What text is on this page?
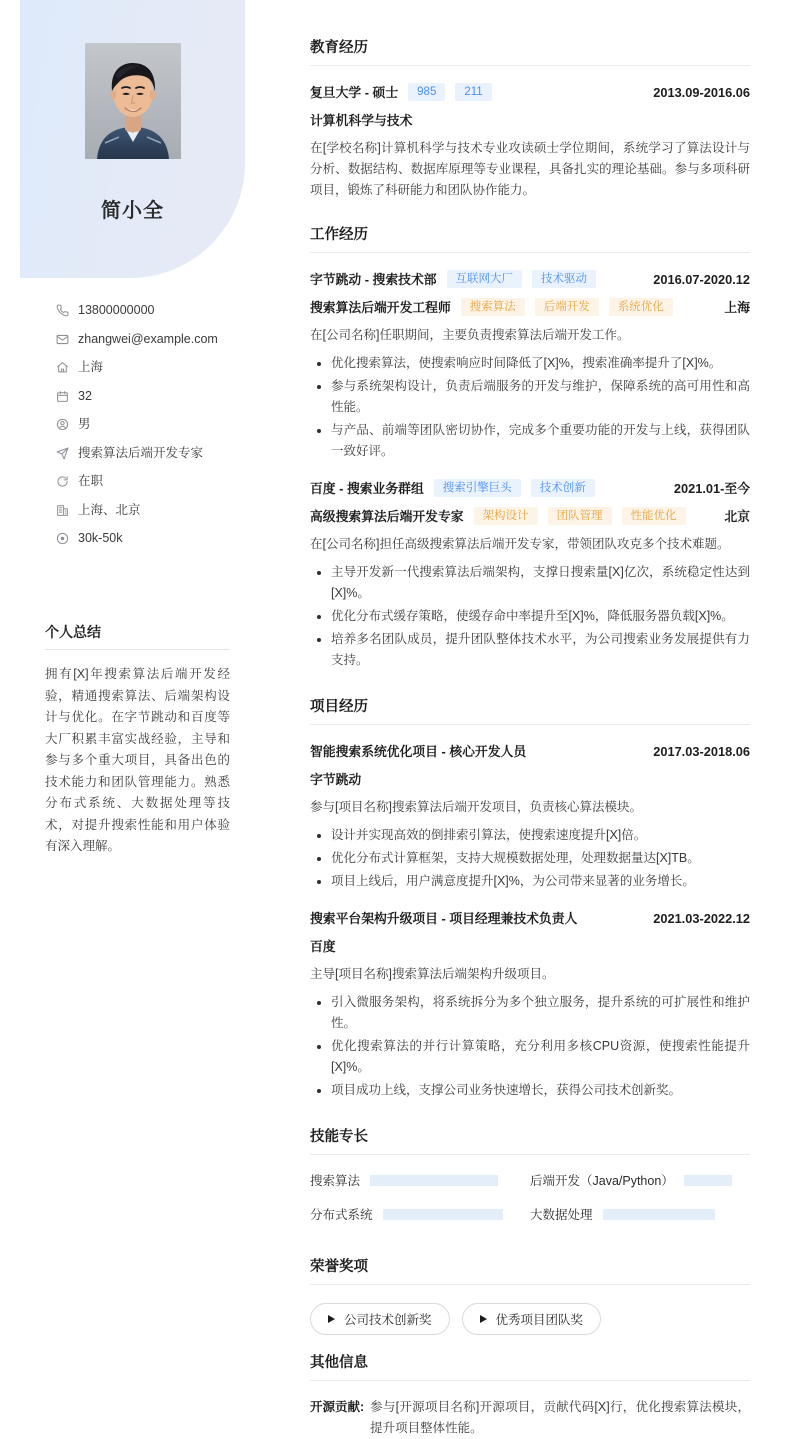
简小全
13800000000
zhangwei@example.com
上海
32
男
搜索算法后端开发专家
在职
上海、北京
30k-50k
个人总结
拥有[X]年搜索算法后端开发经验，精通搜索算法、后端架构设计与优化。在字节跳动和百度等大厂积累丰富实战经验，主导和参与多个重大项目，具备出色的技术能力和团队管理能力。熟悉分布式系统、大数据处理等技术，对提升搜索性能和用户体验有深入理解。
教育经历
复旦大学 - 硕士	985	211	2013.09-2016.06
计算机科学与技术
在[学校名称]计算机科学与技术专业攻读硕士学位期间，系统学习了算法设计与分析、数据结构、数据库原理等专业课程，具备扎实的理论基础。参与多项科研项目，锻炼了科研能力和团队协作能力。
工作经历
字节跳动 - 搜索技术部	互联网大厂	技术驱动	2016.07-2020.12
搜索算法后端开发工程师	搜索算法	后端开发	系统优化	上海
在[公司名称]任职期间，主要负责搜索算法后端开发工作。
优化搜索算法，使搜索响应时间降低了[X]%，搜索准确率提升了[X]%。
参与系统架构设计，负责后端服务的开发与维护，保障系统的高可用性和高性能。
与产品、前端等团队密切协作，完成多个重要功能的开发与上线，获得团队一致好评。
百度 - 搜索业务群组	搜索引擎巨头	技术创新	2021.01-至今
高级搜索算法后端开发专家	架构设计	团队管理	性能优化	北京
在[公司名称]担任高级搜索算法后端开发专家，带领团队攻克多个技术难题。
主导开发新一代搜索算法后端架构，支撑日搜索量[X]亿次，系统稳定性达到[X]%。
优化分布式缓存策略，使缓存命中率提升至[X]%，降低服务器负载[X]%。
培养多名团队成员，提升团队整体技术水平，为公司搜索业务发展提供有力支持。
项目经历
智能搜索系统优化项目 - 核心开发人员	2017.03-2018.06
字节跳动
参与[项目名称]搜索算法后端开发项目，负责核心算法模块。
设计并实现高效的倒排索引算法，使搜索速度提升[X]倍。
优化分布式计算框架，支持大规模数据处理，处理数据量达[X]TB。
项目上线后，用户满意度提升[X]%，为公司带来显著的业务增长。
搜索平台架构升级项目 - 项目经理兼技术负责人	2021.03-2022.12
百度
主导[项目名称]搜索算法后端架构升级项目。
引入微服务架构，将系统拆分为多个独立服务，提升系统的可扩展性和维护性。
优化搜索算法的并行计算策略，充分利用多核CPU资源，使搜索性能提升[X]%。
项目成功上线，支撑公司业务快速增长，获得公司技术创新奖。
技能专长
搜索算法	后端开发（Java/Python）
分布式系统	大数据处理
荣誉奖项
公司技术创新奖	优秀项目团队奖
其他信息
开源贡献: 参与[开源项目名称]开源项目，贡献代码[X]行，优化搜索算法模块，提升项目整体性能。
